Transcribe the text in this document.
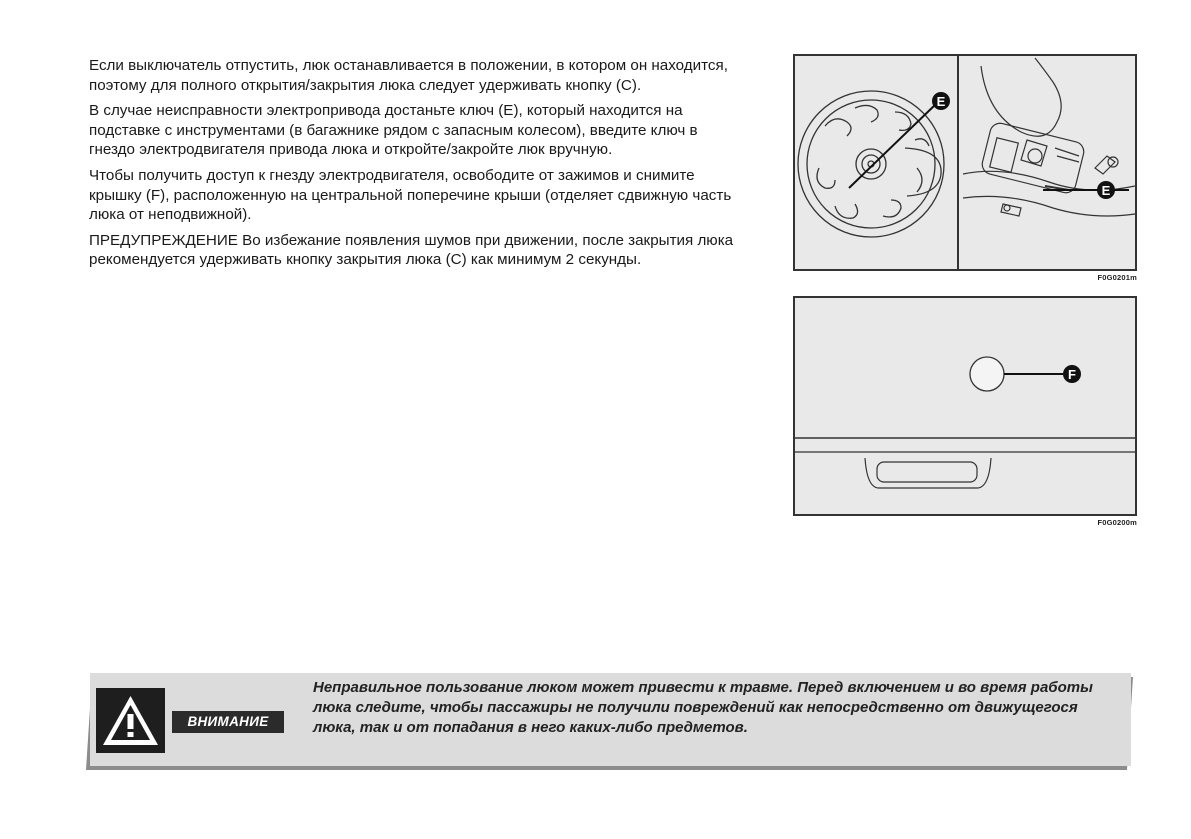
Если выключатель отпустить, люк останавливается в положении, в котором он находится, поэтому для полного открытия/закрытия люка следует удерживать кнопку (С).

В случае неисправности электропривода достаньте ключ (Е), который находится на подставке с инструментами (в багажнике рядом с запасным колесом), введите ключ в гнездо электродвигателя привода люка и откройте/закройте люк вручную.

Чтобы получить доступ к гнезду электродвигателя, освободите от зажимов и снимите крышку (F), расположенную на центральной поперечине крыши (отделяет сдвижную часть люка от неподвижной).

ПРЕДУПРЕЖДЕНИЕ Во избежание появления шумов при движении, после закрытия люка рекомендуется удерживать кнопку закрытия люка (С) как минимум 2 секунды.

E
E
F0G0201m
F
F0G0200m
ВНИМАНИЕ
Неправильное пользование люком может привести к травме. Перед включением и во время работы люка следите, чтобы пассажиры не получили повреждений как непосредственно от движущегося люка, так и от попадания в него каких-либо предметов.
